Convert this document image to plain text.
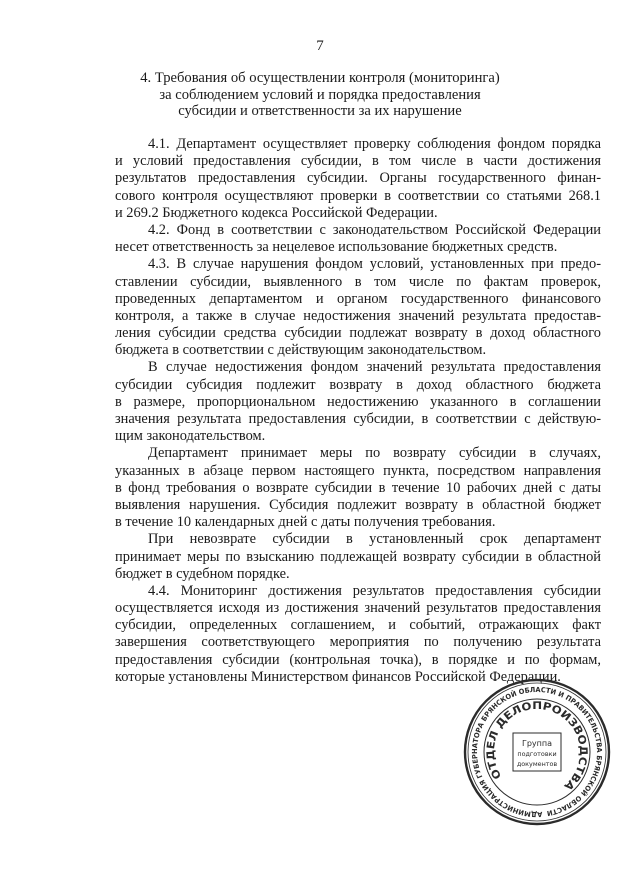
7
4. Требования об осуществлении контроля (мониторинга)
за соблюдением условий и порядка предоставления
субсидии и ответственности за их нарушение
4.1. Департамент осуществляет проверку соблюдения фондом порядка
и условий предоставления субсидии, в том числе в части достижения
результатов предоставления субсидии. Органы государственного финан-
сового контроля осуществляют проверки в соответствии со статьями 268.1
и 269.2 Бюджетного кодекса Российской Федерации.
4.2. Фонд в соответствии с законодательством Российской Федерации
несет ответственность за нецелевое использование бюджетных средств.
4.3. В случае нарушения фондом условий, установленных при предо-
ставлении субсидии, выявленного в том числе по фактам проверок,
проведенных департаментом и органом государственного финансового
контроля, а также в случае недостижения значений результата предостав-
ления субсидии средства субсидии подлежат возврату в доход областного
бюджета в соответствии с действующим законодательством.
В случае недостижения фондом значений результата предоставления
субсидии субсидия подлежит возврату в доход областного бюджета
в размере, пропорциональном недостижению указанного в соглашении
значения результата предоставления субсидии, в соответствии с действую-
щим законодательством.
Департамент принимает меры по возврату субсидии в случаях,
указанных в абзаце первом настоящего пункта, посредством направления
в фонд требования о возврате субсидии в течение 10 рабочих дней с даты
выявления нарушения. Субсидия подлежит возврату в областной бюджет
в течение 10 календарных дней с даты получения требования.
При невозврате субсидии в установленный срок департамент
принимает меры по взысканию подлежащей возврату субсидии в областной
бюджет в судебном порядке.
4.4. Мониторинг достижения результатов предоставления субсидии
осуществляется исходя из достижения значений результатов предоставления
субсидии, определенных соглашением, и событий, отражающих факт
завершения соответствующего мероприятия по получению результата
предоставления субсидии (контрольная точка), в порядке и по формам,
которые установлены Министерством финансов Российской Федерации.
АДМИНИСТРАЦИЯ ГУБЕРНАТОРА БРЯНСКОЙ ОБЛАСТИ И ПРАВИТЕЛЬСТВА БРЯНСКОЙ ОБЛАСТИ
ОТДЕЛ ДЕЛОПРОИЗВОДСТВА
Группа
подготовки
документов
